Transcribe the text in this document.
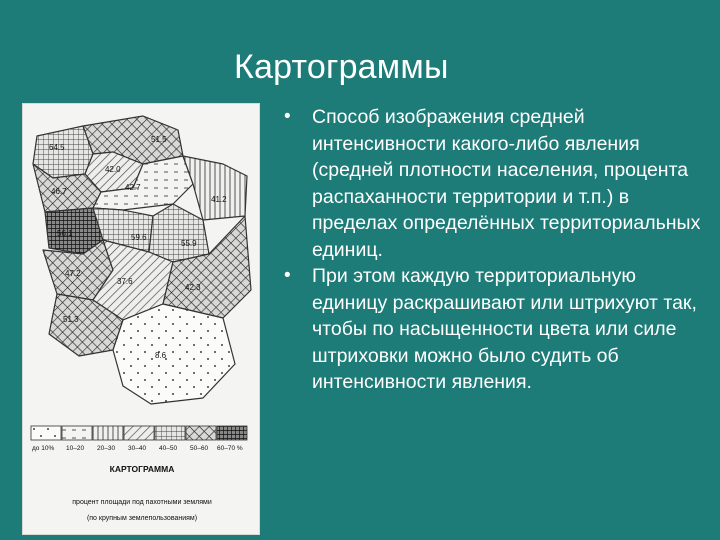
Картограммы
51.5
64.5
42.0
46.7	42.7
41.2
56.1	59.6
55.9
47.2
37.6
42.3
51.3
8.6
до 10% 10–20 20–30 30–40 40–50 50–60 60–70 %
КАРТОГРАММА
процент площади под пахотными землями
(по крупным землепользованиям)

• Способ изображения средней интенсивности какого-либо явления (средней плотности населения, процента распаханности территории и т.п.) в пределах определённых территориальных единиц.

• При этом каждую территориальную единицу раскрашивают или штрихуют так, чтобы по насыщенности цвета или силе штриховки можно было судить об интенсивности явления.
